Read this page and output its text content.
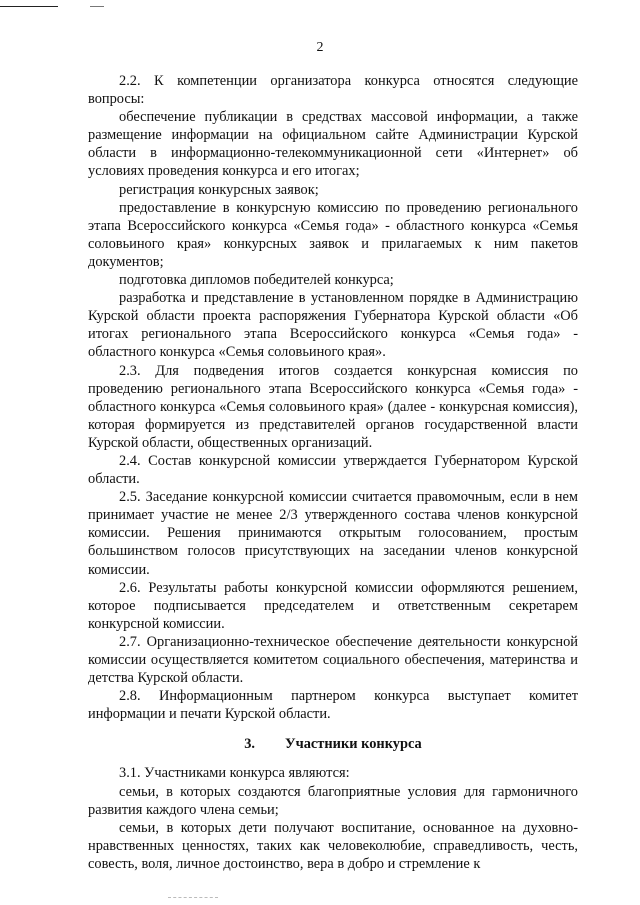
2

2.2. К компетенции организатора конкурса относятся следующие вопросы:

обеспечение публикации в средствах массовой информации, а также размещение информации на официальном сайте Администрации Курской области в информационно-телекоммуникационной сети «Интернет» об условиях проведения конкурса и его итогах;

регистрация конкурсных заявок;

предоставление в конкурсную комиссию по проведению регионального этапа Всероссийского конкурса «Семья года» - областного конкурса «Семья соловьиного края» конкурсных заявок и прилагаемых к ним пакетов документов;

подготовка дипломов победителей конкурса;

разработка и представление в установленном порядке в Администрацию Курской области проекта распоряжения Губернатора Курской области «Об итогах регионального этапа Всероссийского конкурса «Семья года» - областного конкурса «Семья соловьиного края».

2.3. Для подведения итогов создается конкурсная комиссия по проведению регионального этапа Всероссийского конкурса «Семья года» - областного конкурса «Семья соловьиного края» (далее - конкурсная комиссия), которая формируется из представителей органов государственной власти Курской области, общественных организаций.

2.4. Состав конкурсной комиссии утверждается Губернатором Курской области.

2.5. Заседание конкурсной комиссии считается правомочным, если в нем принимает участие не менее 2/3 утвержденного состава членов конкурсной комиссии. Решения принимаются открытым голосованием, простым большинством голосов присутствующих на заседании членов конкурсной комиссии.

2.6. Результаты работы конкурсной комиссии оформляются решением, которое подписывается председателем и ответственным секретарем конкурсной комиссии.

2.7. Организационно-техническое обеспечение деятельности конкурсной комиссии осуществляется комитетом социального обеспечения, материнства и детства Курской области.

2.8. Информационным партнером конкурса выступает комитет информации и печати Курской области.

3. Участники конкурса

3.1. Участниками конкурса являются:

семьи, в которых создаются благоприятные условия для гармоничного развития каждого члена семьи;

семьи, в которых дети получают воспитание, основанное на духовно-нравственных ценностях, таких как человеколюбие, справедливость, честь, совесть, воля, личное достоинство, вера в добро и стремление к
